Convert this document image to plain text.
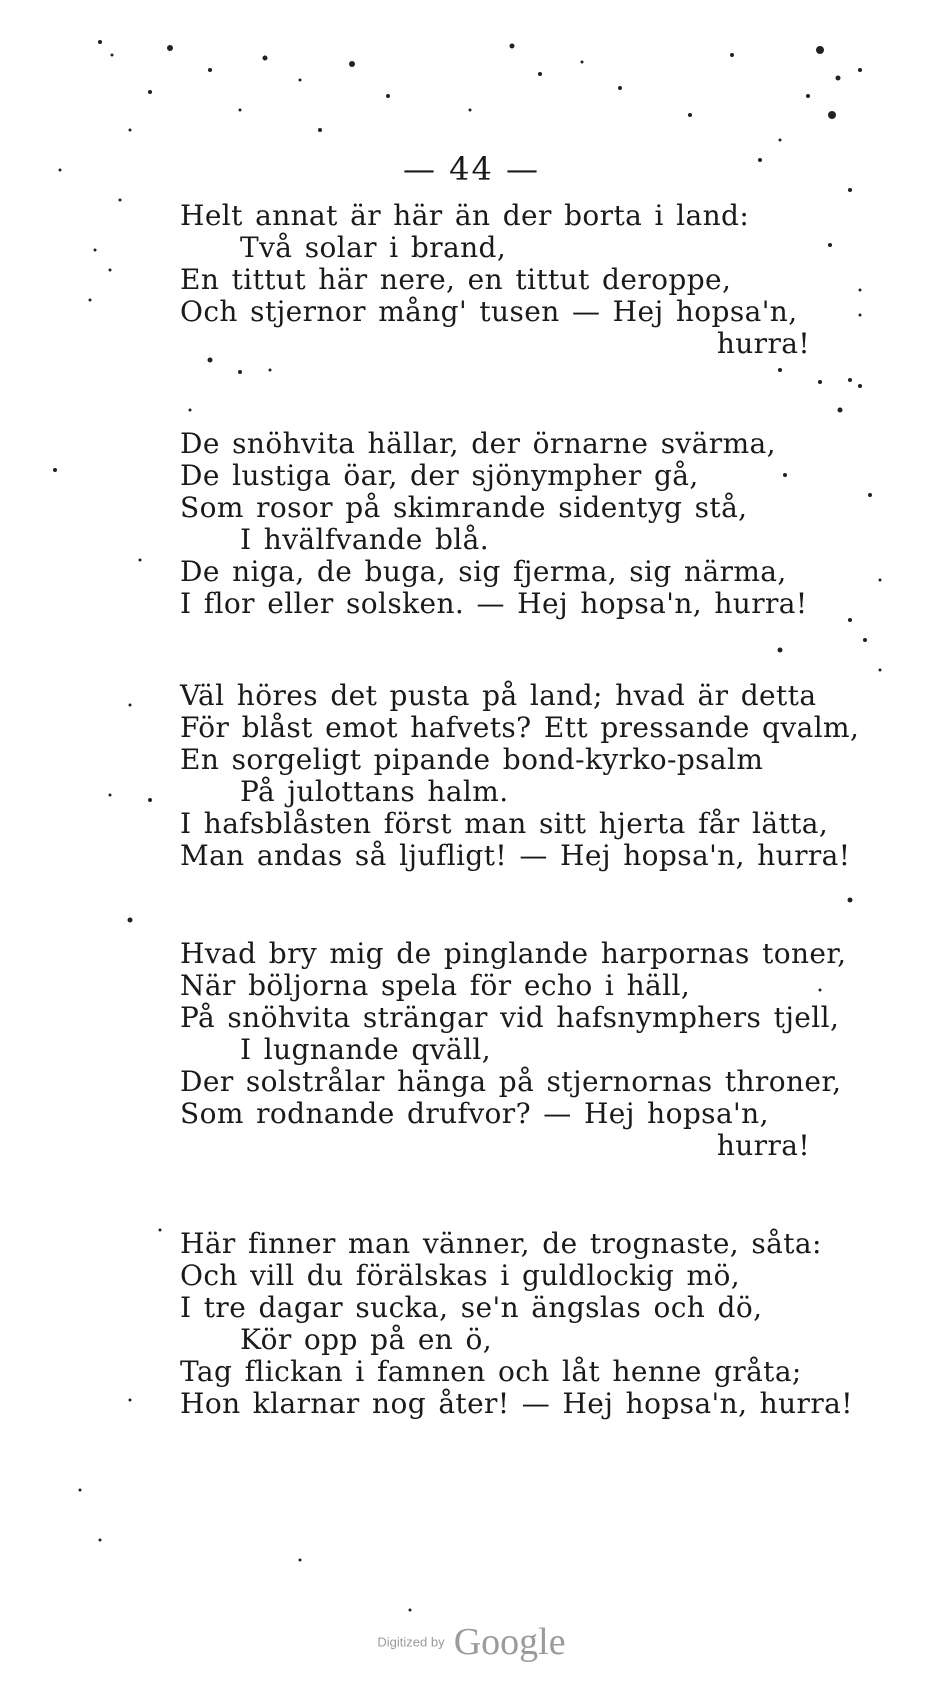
— 44 —
Helt annat är här än der borta i land:
Två solar i brand,
En tittut här nere, en tittut deroppe,
Och stjernor mång' tusen — Hej hopsa'n,
hurra!
De snöhvita hällar, der örnarne svärma,
De lustiga öar, der sjönympher gå,
Som rosor på skimrande sidentyg stå,
I hvälfvande blå.
De niga, de buga, sig fjerma, sig närma,
I flor eller solsken. — Hej hopsa'n, hurra!
Väl höres det pusta på land; hvad är detta
För blåst emot hafvets? Ett pressande qvalm,
En sorgeligt pipande bond-kyrko-psalm
På julottans halm.
I hafsblåsten först man sitt hjerta får lätta,
Man andas så ljufligt! — Hej hopsa'n, hurra!
Hvad bry mig de pinglande harpornas toner,
När böljorna spela för echo i häll,
På snöhvita strängar vid hafsnymphers tjell,
I lugnande qväll,
Der solstrålar hänga på stjernornas throner,
Som rodnande drufvor? — Hej hopsa'n,
hurra!
Här finner man vänner, de trognaste, såta:
Och vill du förälskas i guldlockig mö,
I tre dagar sucka, se'n ängslas och dö,
Kör opp på en ö,
Tag flickan i famnen och låt henne gråta;
Hon klarnar nog åter! — Hej hopsa'n, hurra!
Digitized by Google
